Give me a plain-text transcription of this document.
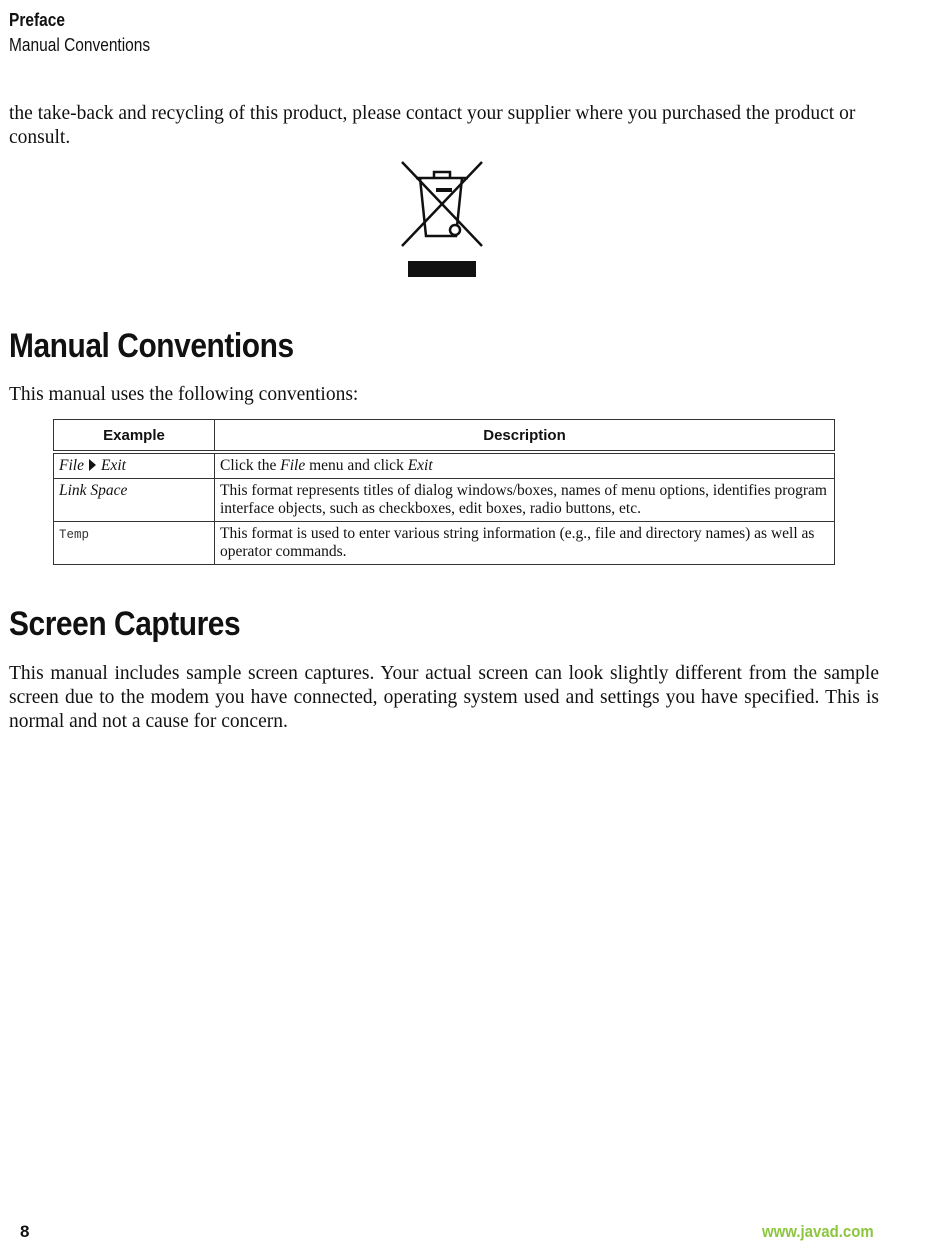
Preface
Manual Conventions

the take-back and recycling of this product, please contact your supplier where you purchased the product or consult.

Manual Conventions

This manual uses the following conventions:

Example	Description
File Exit	Click the File menu and click Exit
Link Space	This format represents titles of dialog windows/boxes, names of menu options, identifies program interface objects, such as checkboxes, edit boxes, radio buttons, etc.
Temp	This format is used to enter various string information (e.g., file and directory names) as well as operator commands.
Screen Captures

This manual includes sample screen captures. Your actual screen can look slightly different from the sample screen due to the modem you have connected, operating system used and settings you have specified. This is normal and not a cause for concern.

8	www.javad.com
